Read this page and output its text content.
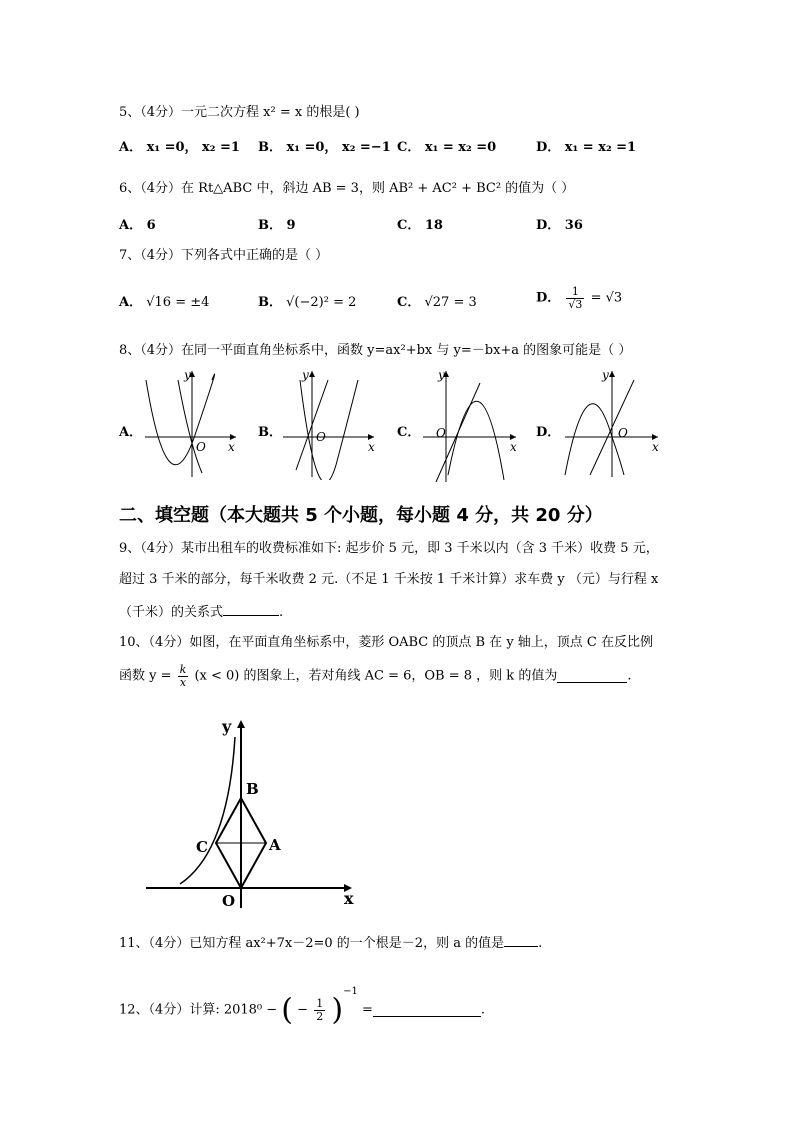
5、（4分）一元二次方程 x² = x 的根是( )
A． x₁ =0， x₂ =1 B． x₁ =0， x₂ =−1 C． x₁ = x₂ =0	D． x₁ = x₂ =1
6、（4分）在 Rt△ABC 中，斜边 AB = 3，则 AB² + AC² + BC² 的值为（ ）
A． 6	B． 9	C． 18	D． 36
7、（4分）下列各式中正确的是（ ）
A． √16 = ±4	B． √(−2)² = 2	C． √27 = 3	D． $\frac{1}{√3} = √3$
8、（4分）在同一平面直角坐标系中，函数 y=ax²+bx 与 y=－bx+a 的图象可能是（ ）
A．	B．	C．	D．
y
x
O
y
x
O
y
x
O
y
x
O
二、填空题（本大题共 5 个小题，每小题 4 分，共 20 分）
9、（4分）某市出租车的收费标准如下: 起步价 5 元，即 3 千米以内（含 3 千米）收费 5 元，
超过 3 千米的部分，每千米收费 2 元.（不足 1 千米按 1 千米计算）求车费 y （元）与行程 x
（千米）的关系式	.
10、（4分）如图，在平面直角坐标系中，菱形 OABC 的顶点 B 在 y 轴上，顶点 C 在反比例
函数 $y = \frac{k}{x} (x < 0)$ 的图象上，若对角线 AC = 6，OB = 8 ，则 k 的值为	.
y
x
B
C	A
O
11、（4分）已知方程 ax²+7x－2=0 的一个根是－2，则 a 的值是	.
12、（4分）计算: 2018⁰ − ( − $\frac{1}{2} )^{-1}$ =	.
